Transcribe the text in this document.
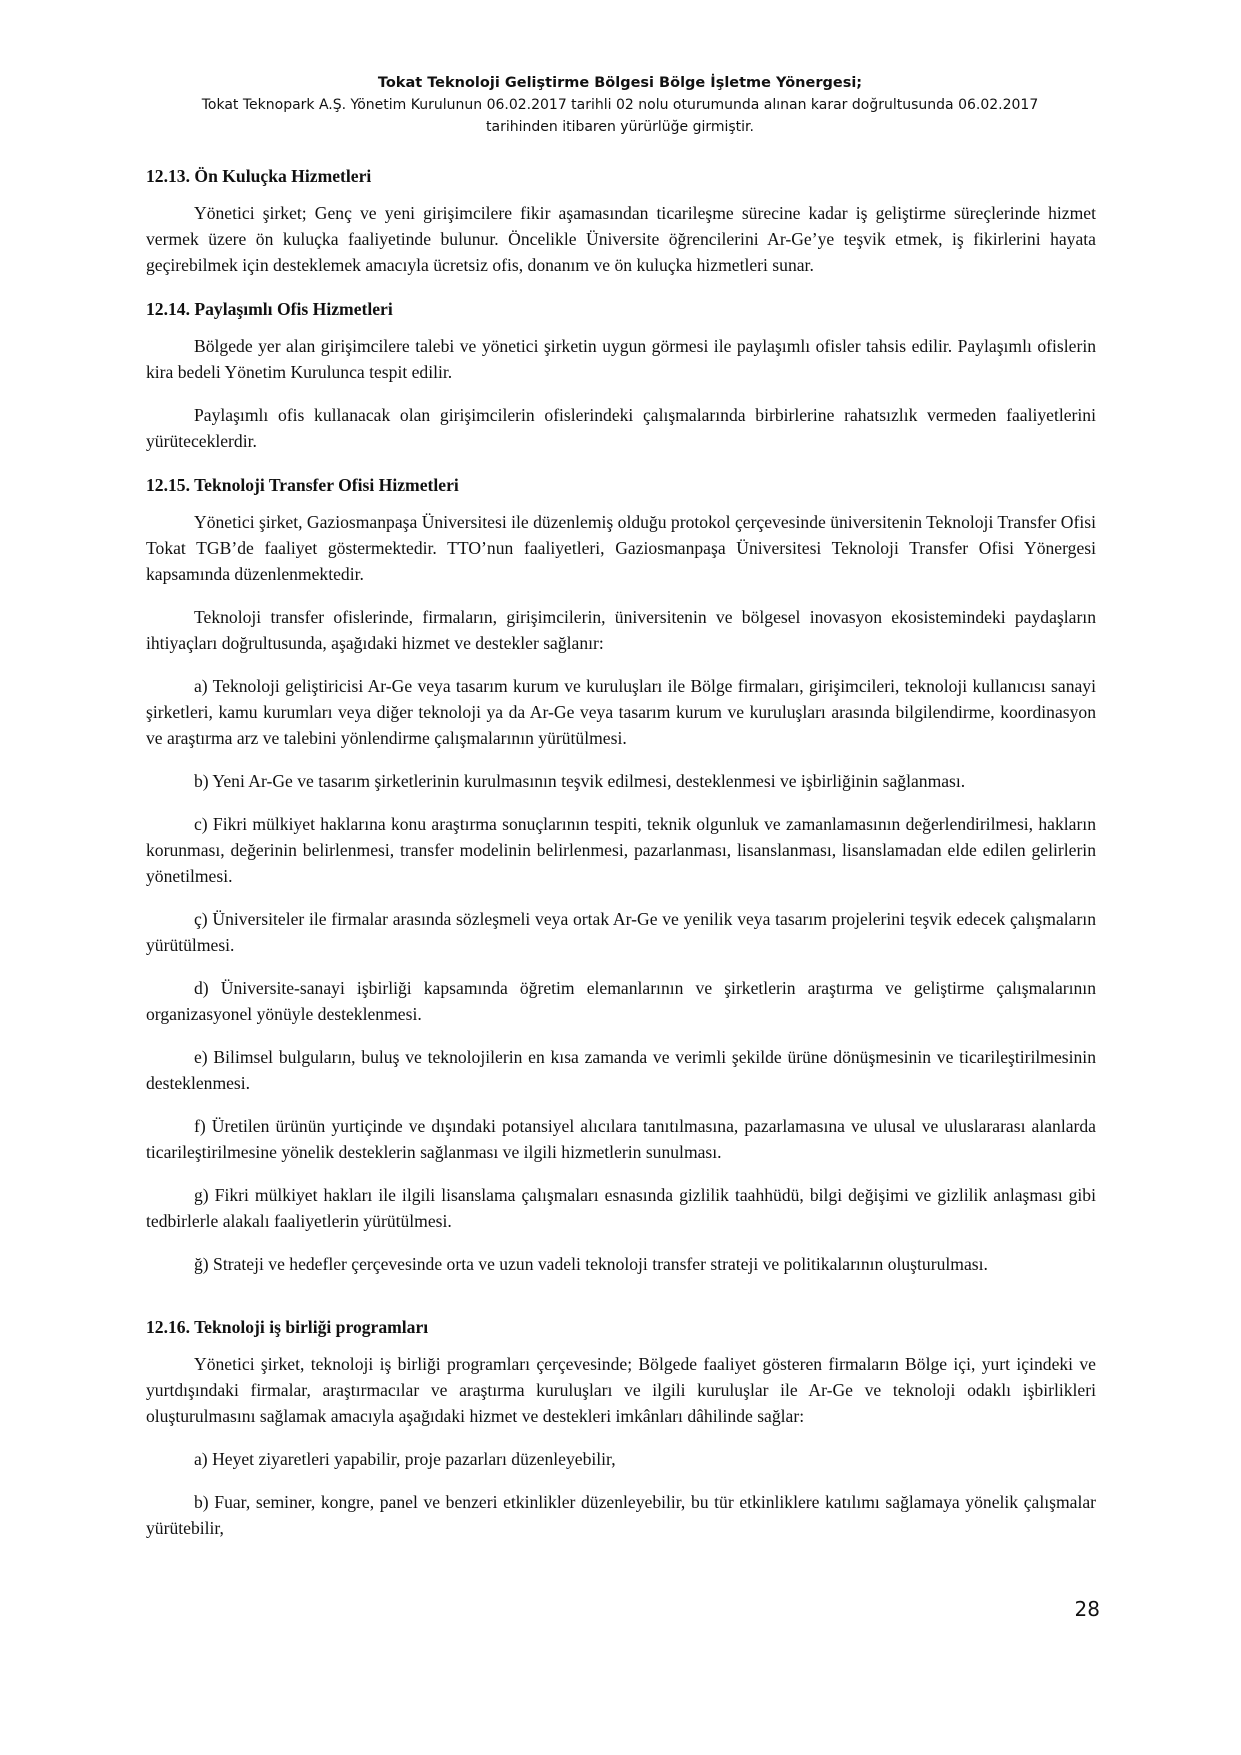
Tokat Teknoloji Geliştirme Bölgesi Bölge İşletme Yönergesi;
Tokat Teknopark A.Ş. Yönetim Kurulunun 06.02.2017 tarihli 02 nolu oturumunda alınan karar doğrultusunda 06.02.2017
tarihinden itibaren yürürlüğe girmiştir.
12.13. Ön Kuluçka Hizmetleri

Yönetici şirket; Genç ve yeni girişimcilere fikir aşamasından ticarileşme sürecine kadar iş geliştirme süreçlerinde hizmet vermek üzere ön kuluçka faaliyetinde bulunur. Öncelikle Üniversite öğrencilerini Ar-Ge’ye teşvik etmek, iş fikirlerini hayata geçirebilmek için desteklemek amacıyla ücretsiz ofis, donanım ve ön kuluçka hizmetleri sunar.

12.14. Paylaşımlı Ofis Hizmetleri

Bölgede yer alan girişimcilere talebi ve yönetici şirketin uygun görmesi ile paylaşımlı ofisler tahsis edilir. Paylaşımlı ofislerin kira bedeli Yönetim Kurulunca tespit edilir.

Paylaşımlı ofis kullanacak olan girişimcilerin ofislerindeki çalışmalarında birbirlerine rahatsızlık vermeden faaliyetlerini yürüteceklerdir.

12.15. Teknoloji Transfer Ofisi Hizmetleri

Yönetici şirket, Gaziosmanpaşa Üniversitesi ile düzenlemiş olduğu protokol çerçevesinde üniversitenin Teknoloji Transfer Ofisi Tokat TGB’de faaliyet göstermektedir. TTO’nun faaliyetleri, Gaziosmanpaşa Üniversitesi Teknoloji Transfer Ofisi Yönergesi kapsamında düzenlenmektedir.

Teknoloji transfer ofislerinde, firmaların, girişimcilerin, üniversitenin ve bölgesel inovasyon ekosistemindeki paydaşların ihtiyaçları doğrultusunda, aşağıdaki hizmet ve destekler sağlanır:

a) Teknoloji geliştiricisi Ar-Ge veya tasarım kurum ve kuruluşları ile Bölge firmaları, girişimcileri, teknoloji kullanıcısı sanayi şirketleri, kamu kurumları veya diğer teknoloji ya da Ar-Ge veya tasarım kurum ve kuruluşları arasında bilgilendirme, koordinasyon ve araştırma arz ve talebini yönlendirme çalışmalarının yürütülmesi.

b) Yeni Ar-Ge ve tasarım şirketlerinin kurulmasının teşvik edilmesi, desteklenmesi ve işbirliğinin sağlanması.

c) Fikri mülkiyet haklarına konu araştırma sonuçlarının tespiti, teknik olgunluk ve zamanlamasının değerlendirilmesi, hakların korunması, değerinin belirlenmesi, transfer modelinin belirlenmesi, pazarlanması, lisanslanması, lisanslamadan elde edilen gelirlerin yönetilmesi.

ç) Üniversiteler ile firmalar arasında sözleşmeli veya ortak Ar-Ge ve yenilik veya tasarım projelerini teşvik edecek çalışmaların yürütülmesi.

d) Üniversite-sanayi işbirliği kapsamında öğretim elemanlarının ve şirketlerin araştırma ve geliştirme çalışmalarının organizasyonel yönüyle desteklenmesi.

e) Bilimsel bulguların, buluş ve teknolojilerin en kısa zamanda ve verimli şekilde ürüne dönüşmesinin ve ticarileştirilmesinin desteklenmesi.

f) Üretilen ürünün yurtiçinde ve dışındaki potansiyel alıcılara tanıtılmasına, pazarlamasına ve ulusal ve uluslararası alanlarda ticarileştirilmesine yönelik desteklerin sağlanması ve ilgili hizmetlerin sunulması.

g) Fikri mülkiyet hakları ile ilgili lisanslama çalışmaları esnasında gizlilik taahhüdü, bilgi değişimi ve gizlilik anlaşması gibi tedbirlerle alakalı faaliyetlerin yürütülmesi.

ğ) Strateji ve hedefler çerçevesinde orta ve uzun vadeli teknoloji transfer strateji ve politikalarının oluşturulması.

12.16. Teknoloji iş birliği programları

Yönetici şirket, teknoloji iş birliği programları çerçevesinde; Bölgede faaliyet gösteren firmaların Bölge içi, yurt içindeki ve yurtdışındaki firmalar, araştırmacılar ve araştırma kuruluşları ve ilgili kuruluşlar ile Ar-Ge ve teknoloji odaklı işbirlikleri oluşturulmasını sağlamak amacıyla aşağıdaki hizmet ve destekleri imkânları dâhilinde sağlar:

a) Heyet ziyaretleri yapabilir, proje pazarları düzenleyebilir,

b) Fuar, seminer, kongre, panel ve benzeri etkinlikler düzenleyebilir, bu tür etkinliklere katılımı sağlamaya yönelik çalışmalar yürütebilir,

28
